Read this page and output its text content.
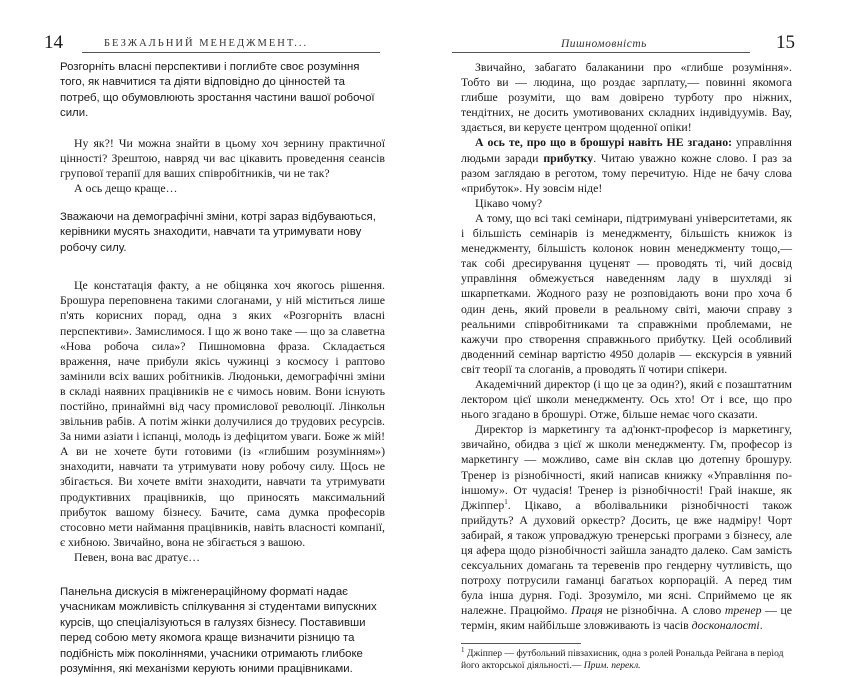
14	БЕЗЖАЛЬНИЙ МЕНЕДЖМЕНТ...

Розгорніть власні перспективи і поглибте своє розуміння того, як навчитися та діяти відповідно до цінностей та потреб, що обумовлюють зростання частини вашої робочої сили.

Ну як?! Чи можна знайти в цьому хоч зернину практичної цінності? Зрештою, навряд чи вас цікавить проведення сеансів групової терапії для ваших співробітників, чи не так?

А ось дещо краще…

Зважаючи на демографічні зміни, котрі зараз відбуваються, керівники мусять знаходити, навчати та утримувати нову робочу силу.

Це констатація факту, а не обіцянка хоч якогось рішення. Брошура переповнена такими слоганами, у ній міститься лише п'ять корисних порад, одна з яких «Розгорніть власні перспективи». Замислимося. І що ж воно таке — що за славетна «Нова робоча сила»? Пишномовна фраза. Складається враження, наче прибули якісь чужинці з космосу і раптово замінили всіх ваших робітників. Людоньки, демографічні зміни в складі наявних працівників не є чимось новим. Вони існують постійно, принаймні від часу промислової революції. Лінкольн звільнив рабів. А потім жінки долучилися до трудових ресурсів. За ними азіати і іспанці, молодь із дефіцитом уваги. Боже ж мій! А ви не хочете бути готовими (із «глибшим розумінням») знаходити, навчати та утримувати нову робочу силу. Щось не збігається. Ви хочете вміти знаходити, навчати та утримувати продуктивних працівників, що приносять максимальний прибуток вашому бізнесу. Бачите, сама думка професорів стосовно мети наймання працівників, навіть власності компанії, є хибною. Звичайно, вона не збігається з вашою.

Певен, вона вас дратує…

Панельна дискусія в міжгенераційному форматі надає учасникам можливість спілкування зі студентами випускних курсів, що спеціалізуються в галузях бізнесу. Поставивши перед собою мету якомога краще визначити різницю та подібність між поколіннями, учасники отримають глибоке розуміння, які механізми керують юними працівниками.

Пишномовність	15

Звичайно, забагато балаканини про «глибше розуміння». Тобто ви — людина, що роздає зарплату,— повинні якомога глибше розуміти, що вам довірено турботу про ніжних, тендітних, не досить умотивованих складних індивідуумів. Вау, здається, ви керуєте центром щоденної опіки!

А ось те, про що в брошурі навіть НЕ згадано: управління людьми заради прибутку. Читаю уважно кожне слово. І раз за разом заглядаю в реготом, тому перечитую. Ніде не бачу слова «прибуток». Ну зовсім ніде!

Цікаво чому?

А тому, що всі такі семінари, підтримувані університетами, як і більшість семінарів із менеджменту, більшість книжок із менеджменту, більшість колонок новин менеджменту тощо,— так собі дресирування цуценят — проводять ті, чий досвід управління обмежується наведенням ладу в шухляді зі шкарпетками. Жодного разу не розповідають вони про хоча б один день, який провели в реальному світі, маючи справу з реальними співробітниками та справжніми проблемами, не кажучи про створення справжнього прибутку. Цей особливий дводенний семінар вартістю 4950 доларів — екскурсія в уявний світ теорії та слоганів, а проводять її чотири спікери.

Академічний директор (і що це за один?), який є позаштатним лектором цієї школи менеджменту. Ось хто! От і все, що про нього згадано в брошурі. Отже, більше немає чого сказати.

Директор із маркетингу та ад'юнкт-професор із маркетингу, звичайно, обидва з цієї ж школи менеджменту. Гм, професор із маркетингу — можливо, саме він склав цю дотепну брошуру. Тренер із різнобічності, який написав книжку «Управління по-іншому». От чудасія! Тренер із різнобічності! Грай інакше, як Джіппер$^1$. Цікаво, а вболівальники різнобічності також прийдуть? А духовий оркестр? Досить, це вже надміру! Чорт забирай, я також упроваджую тренерські програми з бізнесу, але ця афера щодо різнобічності зайшла занадто далеко. Сам замість сексуальних домагань та теревенів про гендерну чутливість, що потроху потрусили гаманці багатьох корпорацій. А перед тим була інша дурня. Годі. Зрозуміло, ми ясні. Сприймемо це як належне. Працюймо. Праця не різнобічна. А слово тренер — це термін, яким найбільше зловживають із часів досконалості.

$^1$ Джіппер — футбольний півзахисник, одна з ролей Рональда Рейгана в період його акторської діяльності.— Прим. перекл.
